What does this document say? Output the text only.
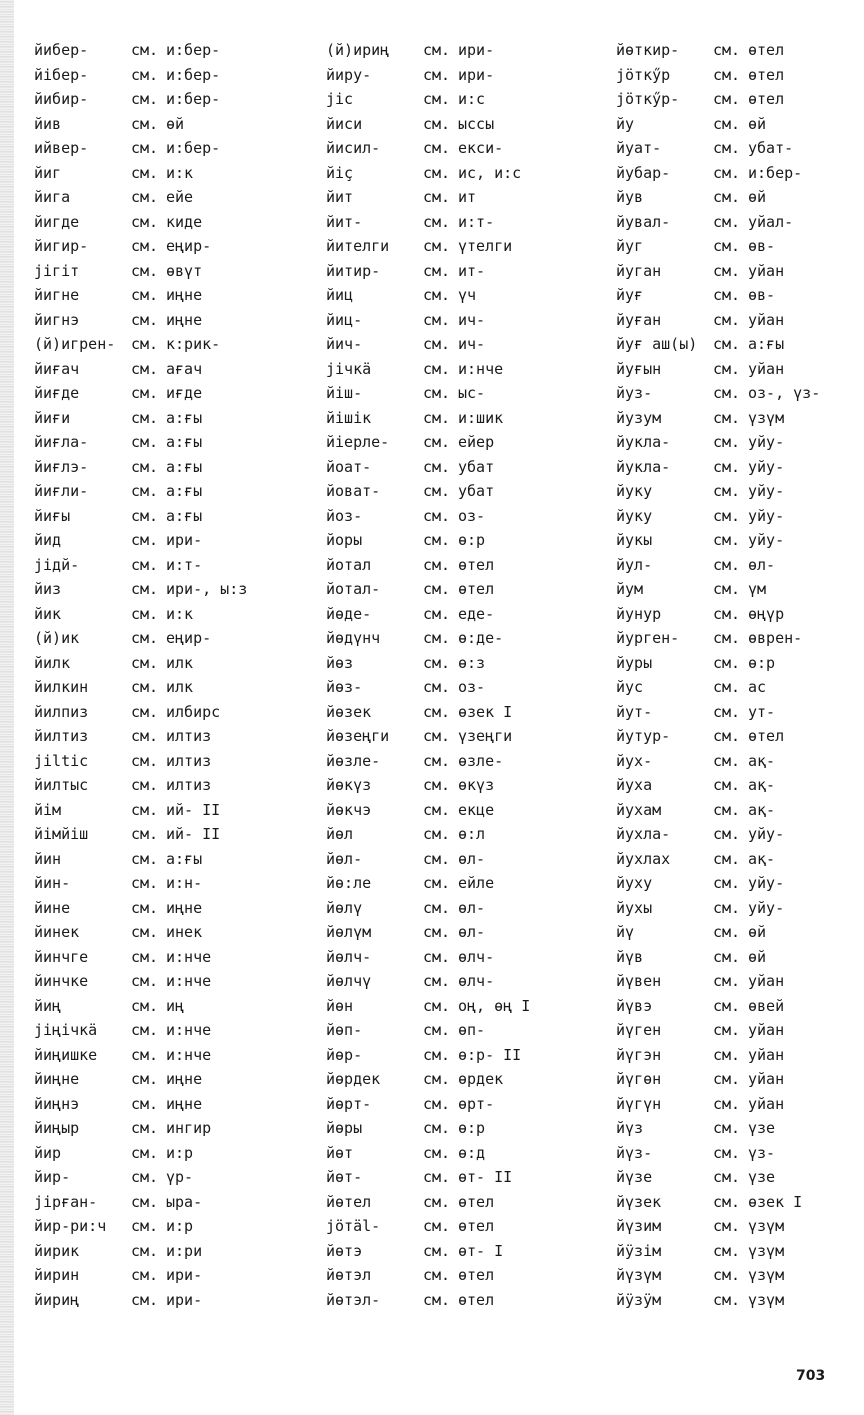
йибер-	см. и:бер-
йібер-	см. и:бер-
йибир-	см. и:бер-
йив	см. өй
ийвер-	см. и:бер-
йиг	см. и:к
йига	см. ейе
йигде	см. киде
йигир-	см. еңир-
jiгіт	см. өвүт
йигне	см. иңне
йигнэ	см. иңне
(й)игрен- см. к:рик-
йиғач	см. ағач
йиғде	см. иғде
йиғи	см. а:ғы
йиғла-	см. а:ғы
йиғлэ-	см. а:ғы
йиғли-	см. а:ғы
йиғы	см. а:ғы
йид	см. ири-
jідй-	см. и:т-
йиз	см. ири-, ы:з
йик	см. и:к
(й)ик	см. еңир-
йилк	см. илк
йилкин	см. илк
йилпиз	см. илбирс
йилтиз	см. илтиз
jiltic	см. илтиз
йилтыс	см. илтиз
йім	см. ий- II
йімйіш	см. ий- II
йин	см. а:ғы
йин-	см. и:н-
йине	см. иңне
йинек	см. инек
йинчге	см. и:нче
йинчке	см. и:нче
йиң	см. иң
jiңічкä см. и:нче
йиңишке см. и:нче
йиңне	см. иңне
йиңнэ	см. иңне
йиңыр	см. ингир
йир	см. и:р
йир-	см. үр-
jірған- см. ыра-
йир-ри:ч см. и:р
йирик	см. и:ри
йирин	см. ири-
йириң	см. ири-
(й)ириң см. ири-
йиру-	см. ири-
jic	см. и:с
йиси	см. ыссы
йисил-	см. екси-
йіç	см. ис, и:с
йит	см. ит
йит-	см. и:т-
йителги см. үтелги
йитир-	см. ит-
йиц	см. үч
йиц-	см. ич-
йич-	см. ич-
jiчкä	см. и:нче
йіш-	см. ыс-
йішік	см. и:шик
йіерле- см. ейер
йоат-	см. убат
йоват-	см. убат
йоз-	см. оз-
йоры	см. ө:р
йотал	см. өтел
йотал-	см. өтел
йөде-	см. еде-
йөдүнч	см. ө:де-
йөз	см. ө:з
йөз-	см. оз-
йөзек	см. өзек I
йөзеңги см. үзеңги
йөзле-	см. өзле-
йөкүз	см. өкүз
йөкчэ	см. екце
йөл	см. ө:л
йөл-	см. өл-
йө:ле	см. ейле
йөлү	см. өл-
йөлүм	см. өл-
йөлч-	см. өлч-
йөлчү	см. өлч-
йөн	см. оң, өң I
йөп-	см. өп-
йөр-	см. ө:р- II
йөрдек	см. өрдек
йөрт-	см. өрт-
йөры	см. ө:р
йөт	см. ө:д
йөт-	см. өт- II
йөтел	см. өтел
jöтäl-	см. өтел
йөтэ	см. өт- I
йөтэл	см. өтел
йөтэл-	см. өтел
йөткир- см. өтел
jöткӳр	см. өтел
jöткӳр- см. өтел
йу	см. өй
йуат-	см. убат-
йубар-	см. и:бер-
йув	см. өй
йувал-	см. уйал-
йуг	см. өв-
йуган	см. уйан
йуғ	см. өв-
йуған	см. уйан
йуғ аш(ы) см. а:ғы
йуғын	см. уйан
йуз-	см. оз-, үз-
йузум	см. үзүм
йукла-	см. уйу-
йукла-	см. уйу-
йуку	см. уйу-
йуку	см. уйу-
йукы	см. уйу-
йул-	см. өл-
йум	см. үм
йунур	см. өңүр
йурген- см. өврен-
йуры	см. ө:р
йус	см. ас
йут-	см. ут-
йутур-	см. өтел
йух-	см. ақ-
йуха	см. ақ-
йухам	см. ақ-
йухла-	см. уйу-
йухлах	см. ақ-
йуху	см. уйу-
йухы	см. уйу-
йү	см. өй
йүв	см. өй
йүвен	см. уйан
йүвэ	см. өвей
йүген	см. уйан
йүгэн	см. уйан
йүгөн	см. уйан
йүгүн	см. уйан
йүз	см. үзе
йүз-	см. үз-
йүзе	см. үзе
йүзек	см. өзек I
йүзим	см. үзүм
йӱзім	см. үзүм
йүзүм	см. үзүм
йӱзӱм	см. үзүм
703
